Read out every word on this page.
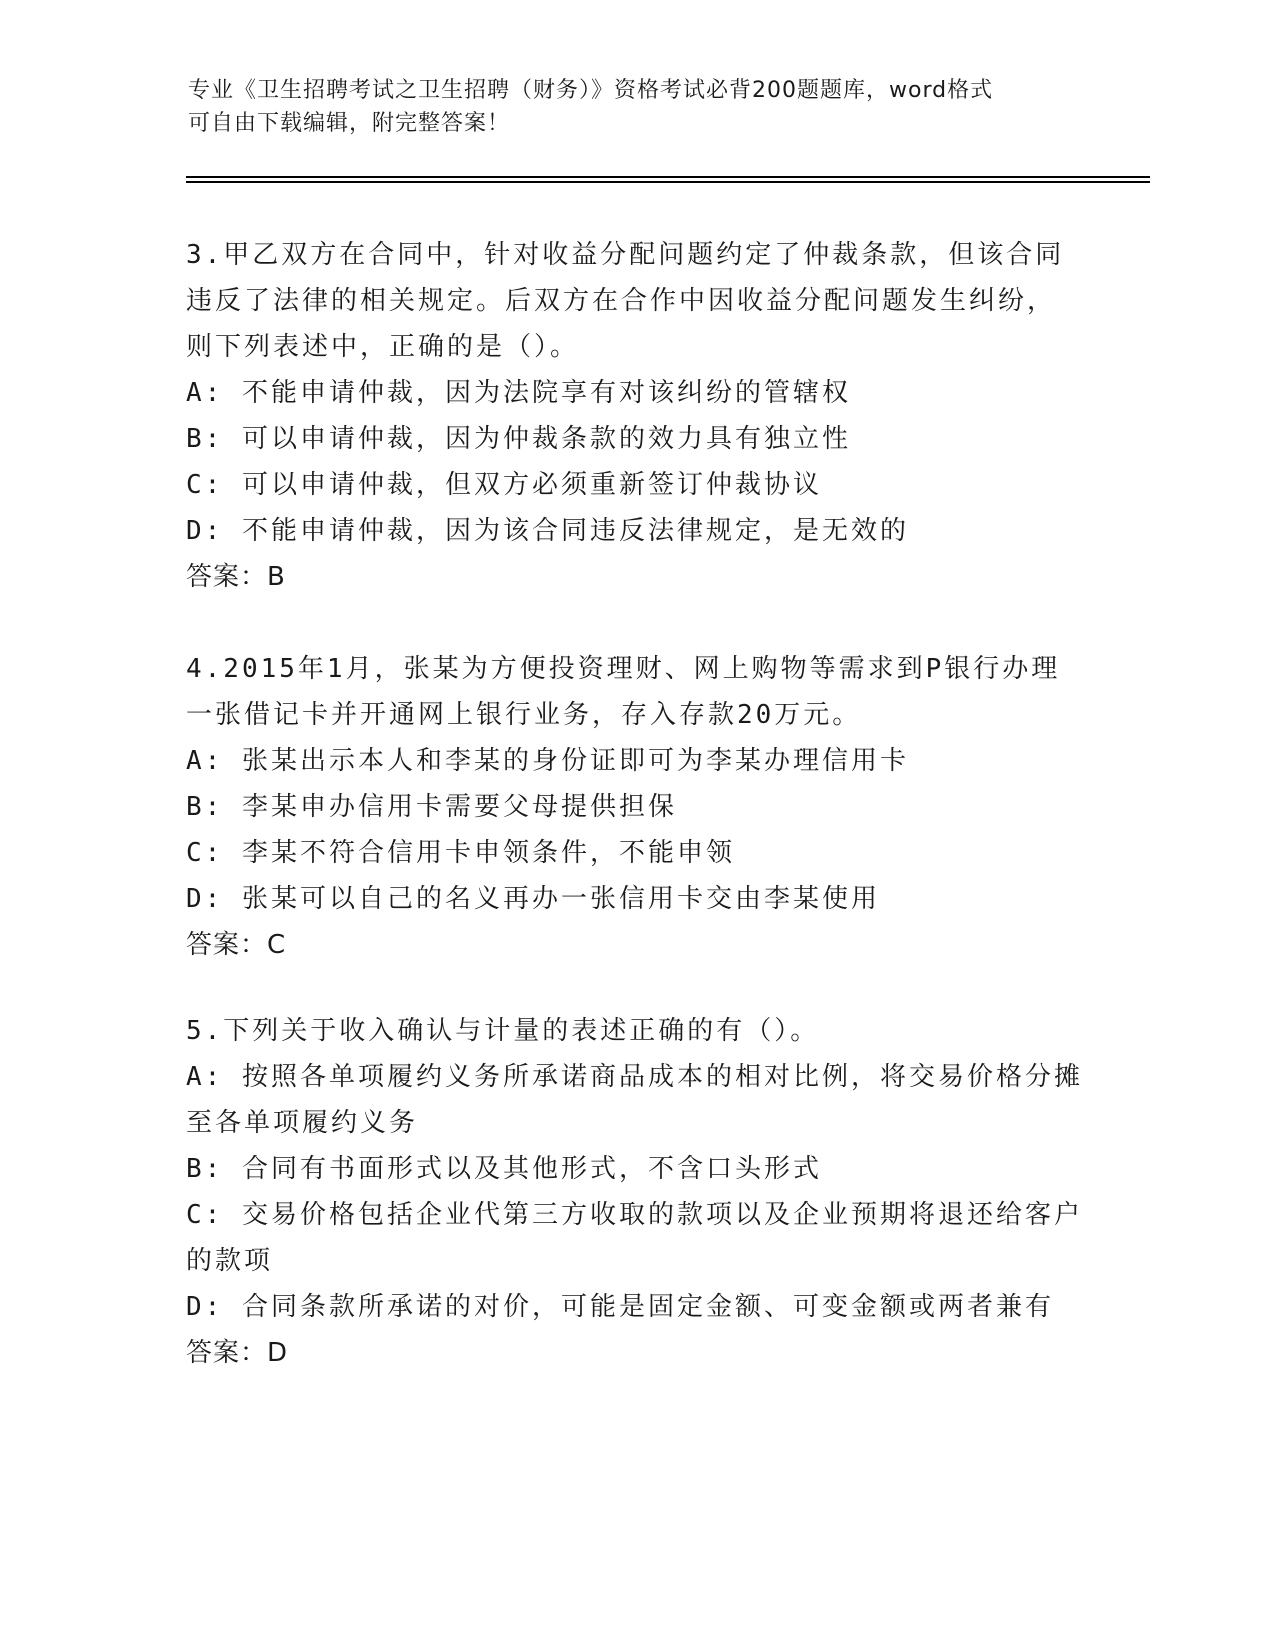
专业《卫生招聘考试之卫生招聘（财务）》资格考试必背200题题库，word格式
可自由下载编辑，附完整答案！
3.甲乙双方在合同中，针对收益分配问题约定了仲裁条款，但该合同
违反了法律的相关规定。后双方在合作中因收益分配问题发生纠纷，
则下列表述中，正确的是（）。
A: 不能申请仲裁，因为法院享有对该纠纷的管辖权
B: 可以申请仲裁，因为仲裁条款的效力具有独立性
C: 可以申请仲裁，但双方必须重新签订仲裁协议
D: 不能申请仲裁，因为该合同违反法律规定，是无效的
答案：B
4.2015年1月，张某为方便投资理财、网上购物等需求到P银行办理
一张借记卡并开通网上银行业务，存入存款20万元。
A: 张某出示本人和李某的身份证即可为李某办理信用卡
B: 李某申办信用卡需要父母提供担保
C: 李某不符合信用卡申领条件，不能申领
D: 张某可以自己的名义再办一张信用卡交由李某使用
答案：C
5.下列关于收入确认与计量的表述正确的有（）。
A: 按照各单项履约义务所承诺商品成本的相对比例，将交易价格分摊
至各单项履约义务
B: 合同有书面形式以及其他形式，不含口头形式
C: 交易价格包括企业代第三方收取的款项以及企业预期将退还给客户
的款项
D: 合同条款所承诺的对价，可能是固定金额、可变金额或两者兼有
答案：D
